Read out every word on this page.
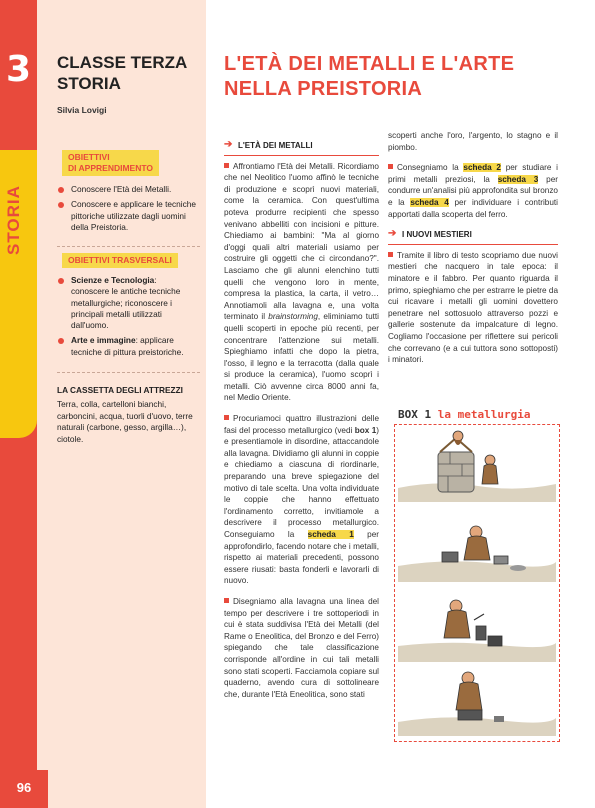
3
STORIA
96
CLASSE TERZA
STORIA
Silvia Lovigi
OBIETTIVI
DI APPRENDIMENTO
Conoscere l'Età dei Metalli.
Conoscere e applicare le tecniche pittoriche utilizzate dagli uomini della Preistoria.
OBIETTIVI TRASVERSALI
Scienze e Tecnologia: conoscere le antiche tecniche metallurgiche; riconoscere i principali metalli utilizzati dall'uomo.
Arte e immagine: applicare tecniche di pittura preistoriche.
LA CASSETTA DEGLI ATTREZZI
Terra, colla, cartelloni bianchi, carboncini, acqua, tuorli d'uovo, terre naturali (carbone, gesso, argilla…), ciotole.
L'ETÀ DEI METALLI E L'ARTE
NELLA PREISTORIA
➔ L'ETÀ DEI METALLI

Affrontiamo l'Età dei Metalli. Ricordiamo che nel Neolitico l'uomo affinò le tecniche di produzione e scoprì nuovi materiali, come la ceramica. Con quest'ultima poteva produrre recipienti che spesso venivano abbelliti con incisioni e pitture. Chiediamo ai bambini: "Ma al giorno d'oggi quali altri materiali usiamo per costruire gli oggetti che ci circondano?". Lasciamo che gli alunni elenchino tutti quelli che vengono loro in mente, compresa la plastica, la carta, il vetro… Annotiamoli alla lavagna e, una volta terminato il brainstorming, eliminiamo tutti quelli scoperti in epoche più recenti, per concentrare l'attenzione sui metalli. Spieghiamo infatti che dopo la pietra, l'osso, il legno e la terracotta (dalla quale si produce la ceramica), l'uomo scoprì i metalli. Ciò avvenne circa 8000 anni fa, nel Medio Oriente.

Procuriamoci quattro illustrazioni delle fasi del processo metallurgico (vedi box 1) e presentiamole in disordine, attaccandole alla lavagna. Dividiamo gli alunni in coppie e chiediamo a ciascuna di riordinarle, preparando una breve spiegazione del motivo di tale scelta. Una volta individuate le coppie che hanno effettuato l'ordinamento corretto, invitiamole a descrivere il processo metallurgico. Conseguiamo la scheda 1 per approfondirlo, facendo notare che i metalli, rispetto ai materiali precedenti, possono essere riusati: basta fonderli e lavorarli di nuovo.

Disegniamo alla lavagna una linea del tempo per descrivere i tre sottoperiodi in cui è stata suddivisa l'Età dei Metalli (del Rame o Eneolitica, del Bronzo e del Ferro) spiegando che tale classificazione corrisponde all'ordine in cui tali metalli sono stati scoperti. Facciamola copiare sul quaderno, avendo cura di sottolineare che, durante l'Età Eneolitica, sono stati

scoperti anche l'oro, l'argento, lo stagno e il piombo.

Consegniamo la scheda 2 per studiare i primi metalli preziosi, la scheda 3 per condurre un'analisi più approfondita sul bronzo e la scheda 4 per individuare i contributi apportati dalla scoperta del ferro.

➔ I NUOVI MESTIERI

Tramite il libro di testo scopriamo due nuovi mestieri che nacquero in tale epoca: il minatore e il fabbro. Per quanto riguarda il primo, spieghiamo che per estrarre le pietre da cui ricavare i metalli gli uomini dovettero penetrare nel sottosuolo attraverso pozzi e gallerie sostenute da impalcature di legno. Cogliamo l'occasione per riflettere sui pericoli che correvano (e a cui tuttora sono sottoposti) i minatori.

BOX 1 la metallurgia
